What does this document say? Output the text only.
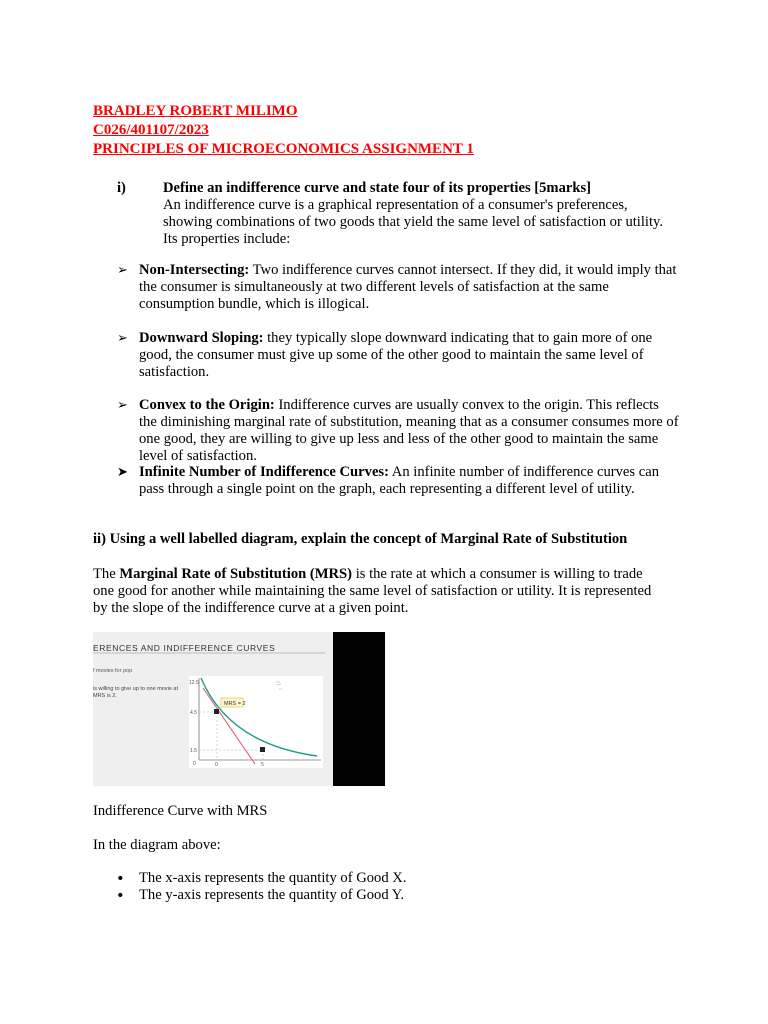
BRADLEY ROBERT MILIMO
C026/401107/2023
PRINCIPLES OF MICROECONOMICS ASSIGNMENT 1
i)	Define an indifference curve and state four of its properties [5marks]
An indifference curve is a graphical representation of a consumer's preferences, showing combinations of two goods that yield the same level of satisfaction or utility. Its properties include:
➢ Non-Intersecting: Two indifference curves cannot intersect. If they did, it would imply that the consumer is simultaneously at two different levels of satisfaction at the same consumption bundle, which is illogical.
➢ Downward Sloping: they typically slope downward indicating that to gain more of one good, the consumer must give up some of the other good to maintain the same level of satisfaction.
➢ Convex to the Origin: Indifference curves are usually convex to the origin. This reflects the diminishing marginal rate of substitution, meaning that as a consumer consumes more of one good, they are willing to give up less and less of the other good to maintain the same level of satisfaction.
➤ Infinite Number of Indifference Curves: An infinite number of indifference curves can pass through a single point on the graph, each representing a different level of utility.
ii) Using a well labelled diagram, explain the concept of Marginal Rate of Substitution
The Marginal Rate of Substitution (MRS) is the rate at which a consumer is willing to trade one good for another while maintaining the same level of satisfaction or utility. It is represented by the slope of the indifference curve at a given point.
ERENCES AND INDIFFERENCE CURVES
f movies for pop
is willing to give up to one movie at MRS is 2.
MRS = 2
12.5
4.5
1.5
0	0	5
Indifference Curve with MRS
In the diagram above:
• The x-axis represents the quantity of Good X.
• The y-axis represents the quantity of Good Y.
